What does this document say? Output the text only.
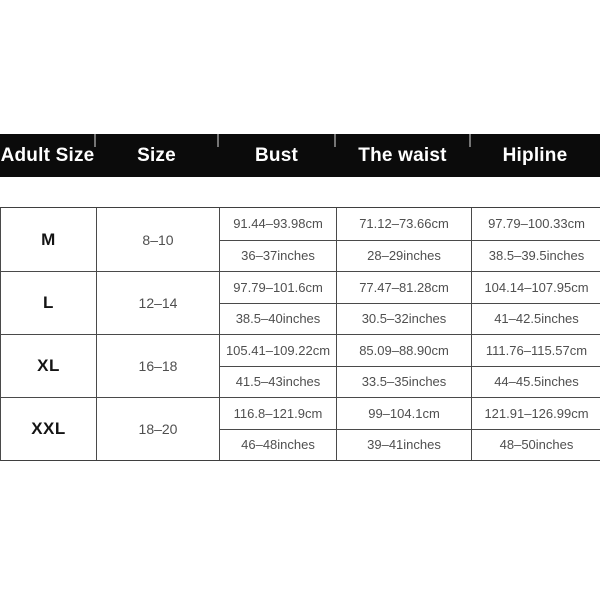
Adult Size	Size	Bust	The waist	Hipline
M	8–10
91.44–93.98cm	71.12–73.66cm	97.79–100.33cm
36–37inches	28–29inches	38.5–39.5inches
L	12–14
97.79–101.6cm	77.47–81.28cm	104.14–107.95cm
38.5–40inches	30.5–32inches	41–42.5inches
XL	16–18
105.41–109.22cm	85.09–88.90cm	111.76–115.57cm
41.5–43inches	33.5–35inches	44–45.5inches
XXL	18–20
116.8–121.9cm	99–104.1cm	121.91–126.99cm
46–48inches	39–41inches	48–50inches
